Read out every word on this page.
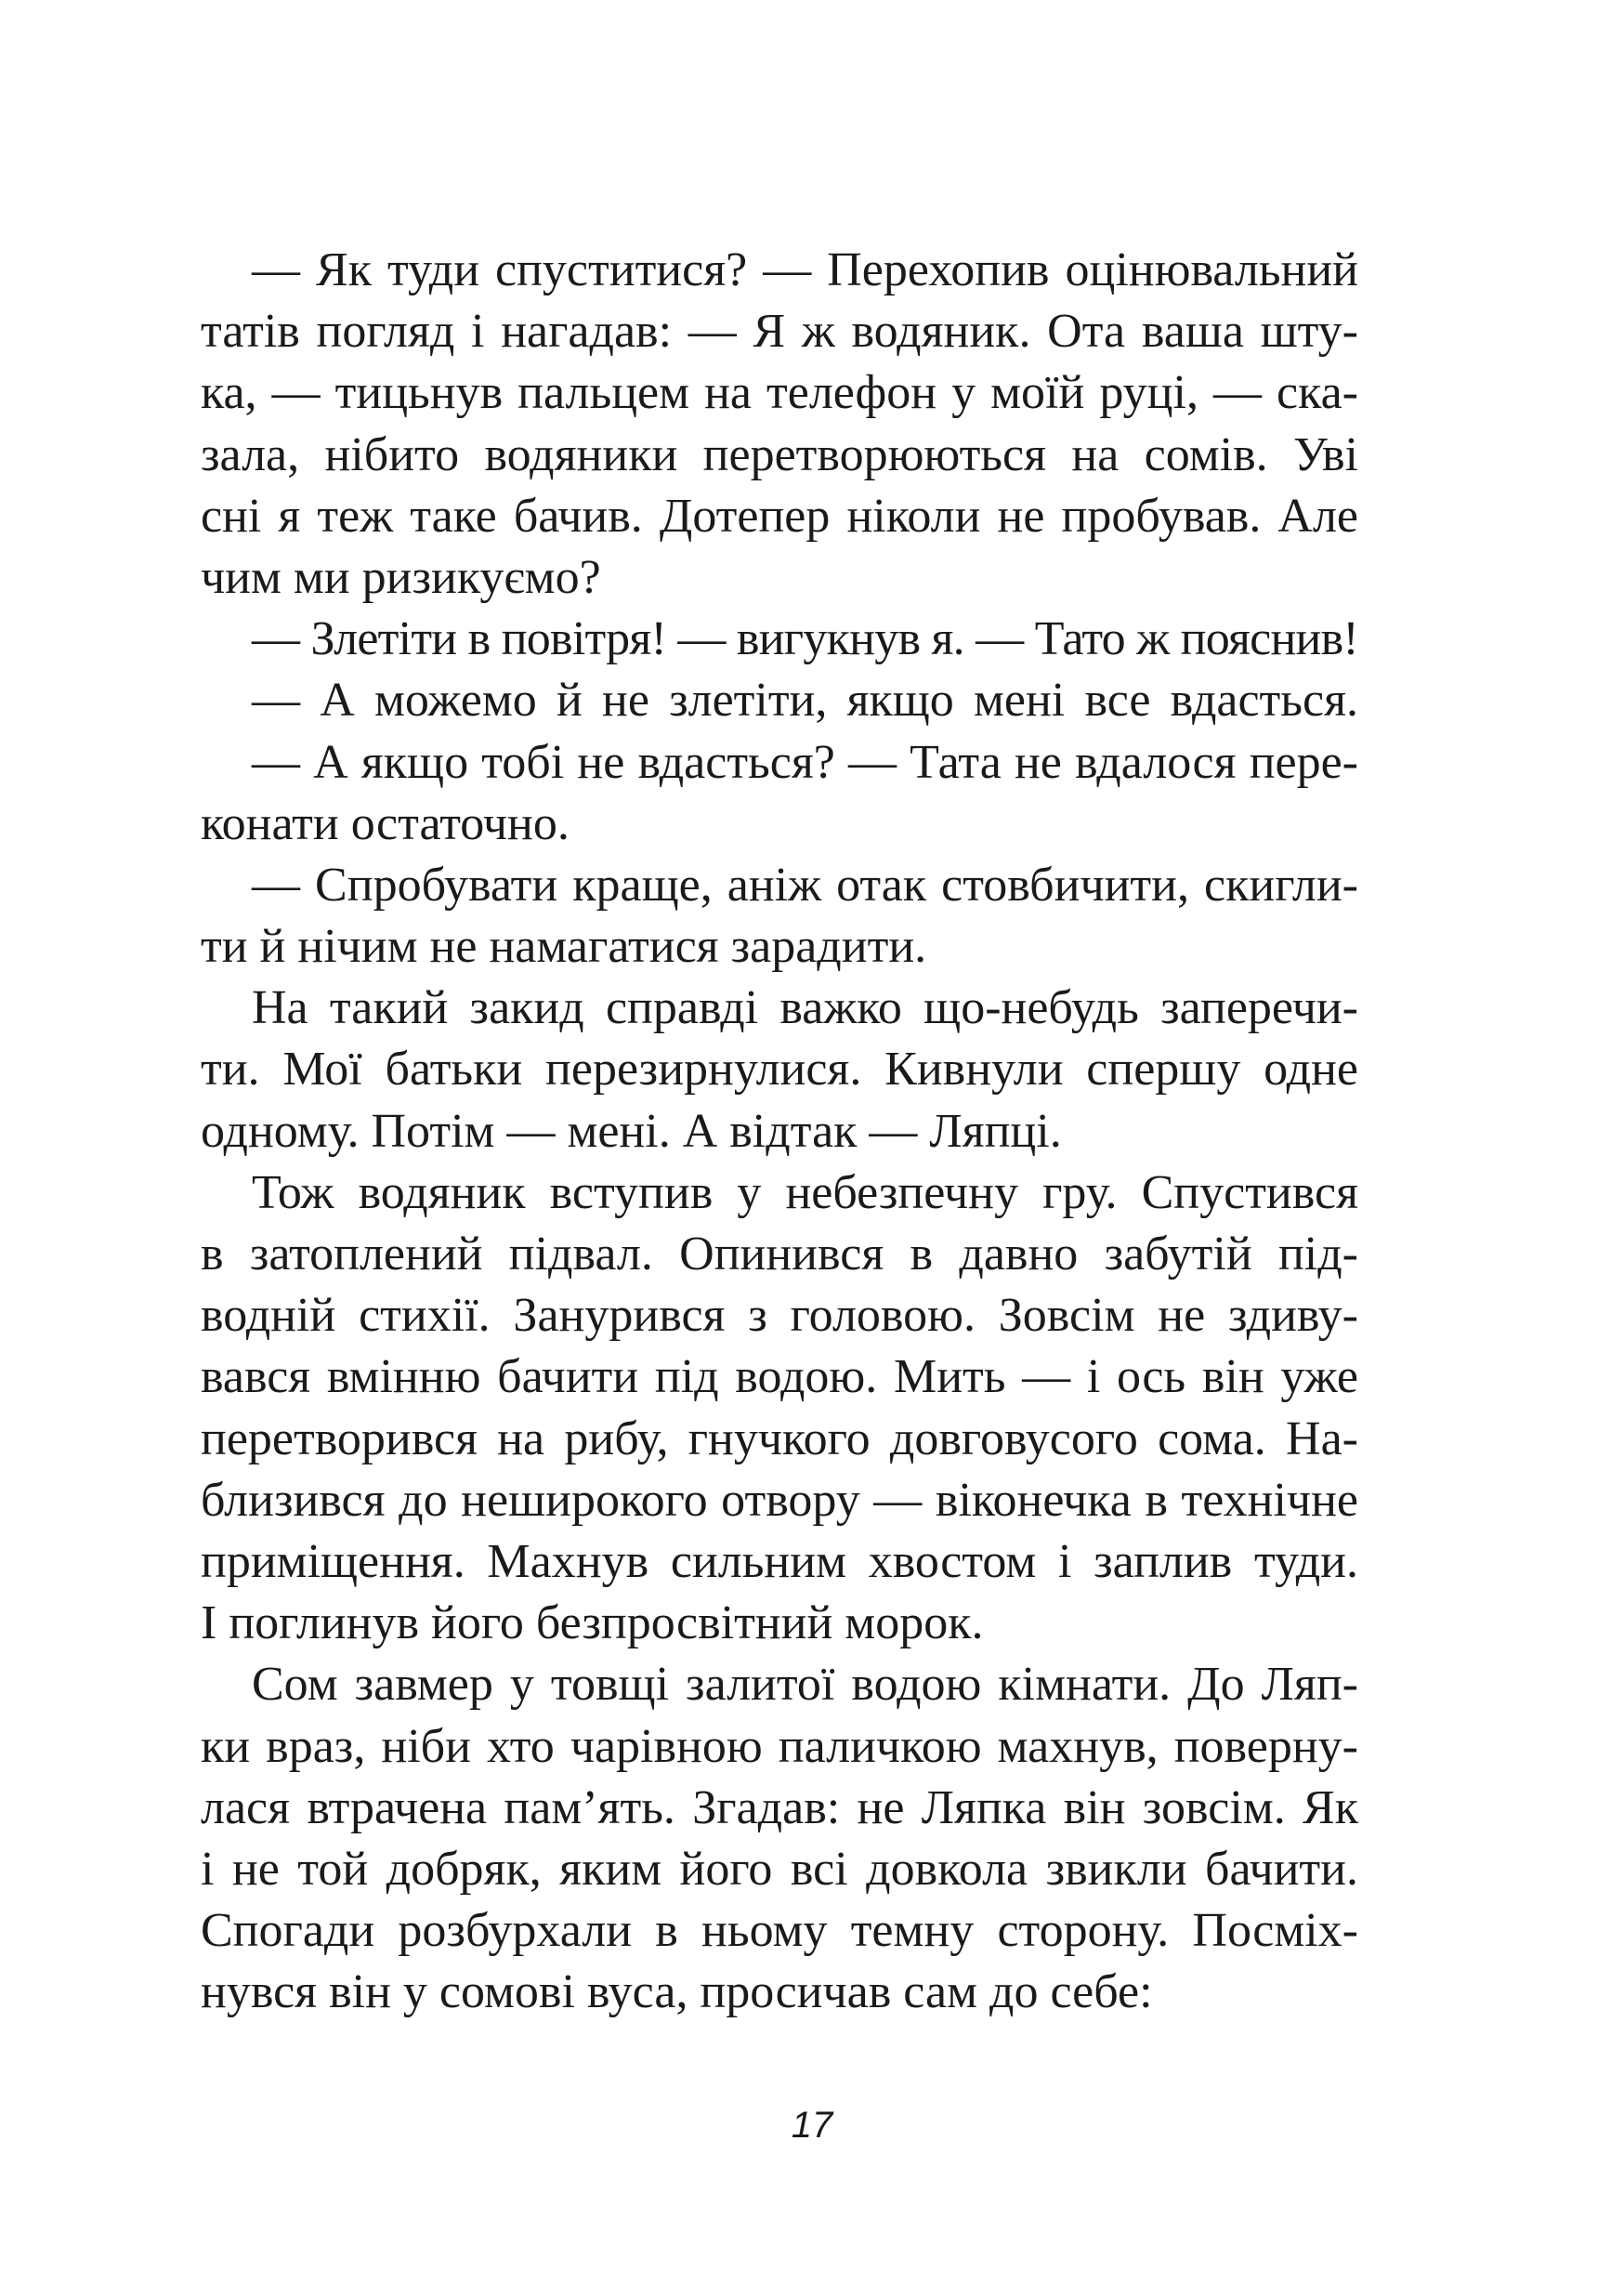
— Як туди спуститися? — Перехопив оцінювальний
татів погляд і нагадав: — Я ж водяник. Ота ваша шту-
ка, — тицьнув пальцем на телефон у моїй руці, — ска-
зала, нібито водяники перетворюються на сомів. Уві
сні я теж таке бачив. Дотепер ніколи не пробував. Але
чим ми ризикуємо?
— Злетіти в повітря! — вигукнув я. — Тато ж пояснив!
— А можемо й не злетіти, якщо мені все вдасться.
— А якщо тобі не вдасться? — Тата не вдалося пере-
конати остаточно.
— Спробувати краще, аніж отак стовбичити, скигли-
ти й нічим не намагатися зарадити.
На такий закид справді важко що-небудь заперечи-
ти. Мої батьки перезирнулися. Кивнули спершу одне
одному. Потім — мені. А відтак — Ляпці.
Тож водяник вступив у небезпечну гру. Спустився
в затоплений підвал. Опинився в давно забутій під-
водній стихії. Занурився з головою. Зовсім не здиву-
вався вмінню бачити під водою. Мить — і ось він уже
перетворився на рибу, гнучкого довговусого сома. На-
близився до неширокого отвору — віконечка в технічне
приміщення. Махнув сильним хвостом і заплив туди.
І поглинув його безпросвітний морок.
Сом завмер у товщі залитої водою кімнати. До Ляп-
ки враз, ніби хто чарівною паличкою махнув, поверну-
лася втрачена пам’ять. Згадав: не Ляпка він зовсім. Як
і не той добряк, яким його всі довкола звикли бачити.
Спогади розбурхали в ньому темну сторону. Посміх-
нувся він у сомові вуса, просичав сам до себе:
17
